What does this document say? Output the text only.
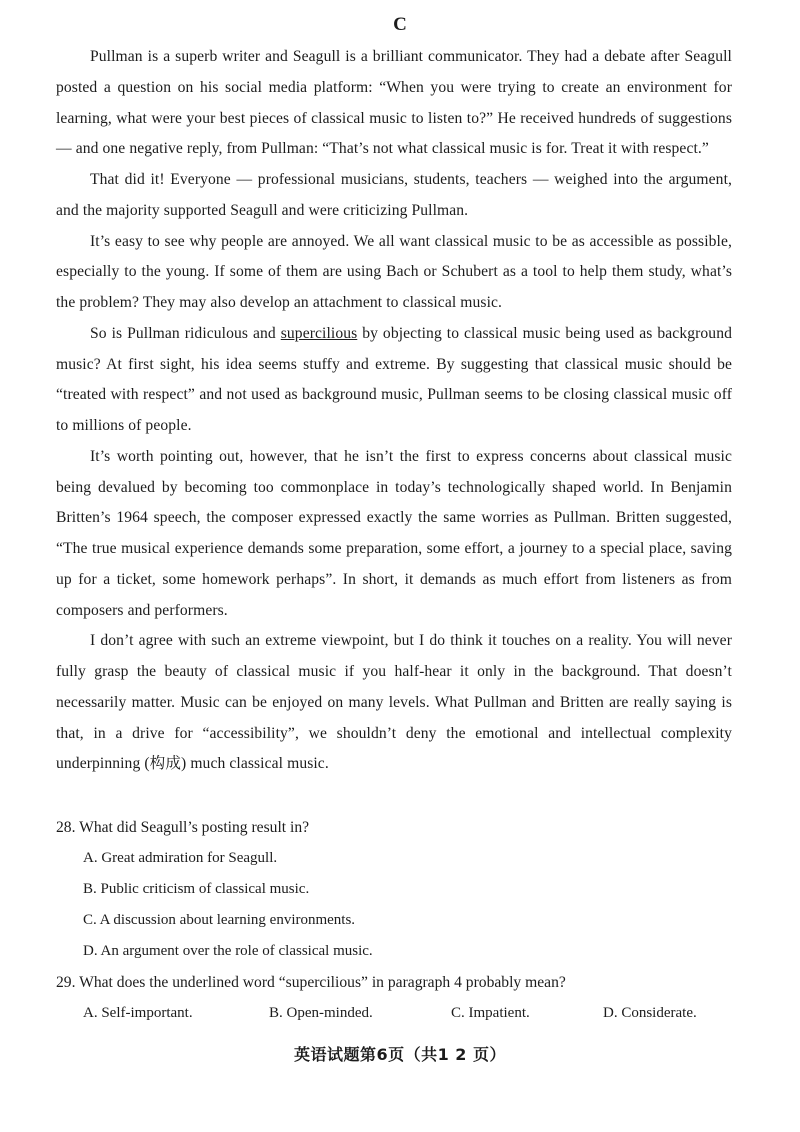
C

Pullman is a superb writer and Seagull is a brilliant communicator. They had a debate after Seagull posted a question on his social media platform: “When you were trying to create an environment for learning, what were your best pieces of classical music to listen to?” He received hundreds of suggestions — and one negative reply, from Pullman: “That’s not what classical music is for. Treat it with respect.”

That did it! Everyone — professional musicians, students, teachers — weighed into the argument, and the majority supported Seagull and were criticizing Pullman.

It’s easy to see why people are annoyed. We all want classical music to be as accessible as possible, especially to the young. If some of them are using Bach or Schubert as a tool to help them study, what’s the problem? They may also develop an attachment to classical music.

So is Pullman ridiculous and supercilious by objecting to classical music being used as background music? At first sight, his idea seems stuffy and extreme. By suggesting that classical music should be “treated with respect” and not used as background music, Pullman seems to be closing classical music off to millions of people.

It’s worth pointing out, however, that he isn’t the first to express concerns about classical music being devalued by becoming too commonplace in today’s technologically shaped world. In Benjamin Britten’s 1964 speech, the composer expressed exactly the same worries as Pullman. Britten suggested, “The true musical experience demands some preparation, some effort, a journey to a special place, saving up for a ticket, some homework perhaps”. In short, it demands as much effort from listeners as from composers and performers.

I don’t agree with such an extreme viewpoint, but I do think it touches on a reality. You will never fully grasp the beauty of classical music if you half-hear it only in the background. That doesn’t necessarily matter. Music can be enjoyed on many levels. What Pullman and Britten are really saying is that, in a drive for “accessibility”, we shouldn’t deny the emotional and intellectual complexity underpinning (构成) much classical music.

28. What did Seagull’s posting result in?

A. Great admiration for Seagull.

B. Public criticism of classical music.

C. A discussion about learning environments.

D. An argument over the role of classical music.

29. What does the underlined word “supercilious” in paragraph 4 probably mean?

A. Self-important.	B. Open-minded.	C. Impatient.	D. Considerate.
英语试题第6页（共1 2 页）
